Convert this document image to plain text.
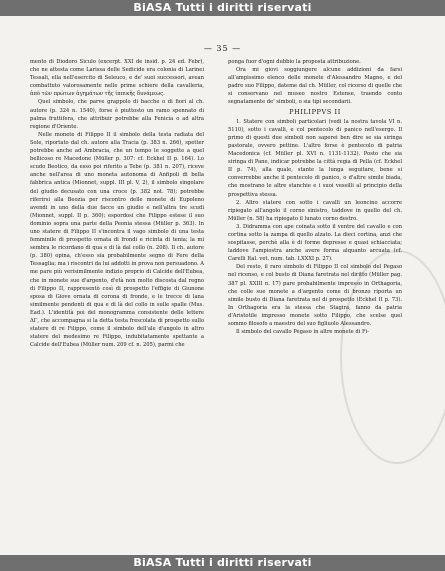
BiASA Tutti i diritti riservati
— 35 —

mento di Diodoro Siculo (excerpt. XXI de insid. p. 24 ed. Febr), che ne attesta come Larissa delle Sedicide era colonia di Larinei Tessali, ella nell'esercito di Seleuco, e de' suoi successori, avean combattuto valorosamente nelle prime schiere della cavalleria, ἀπὸ τῶν πρώτων ἀγημάτων τῆς ἱππικῆς δυνάμεως.

Quel simbolo, che parve grappolo di bacche o di fiori al ch. autore (p. 324 n. 1540), forse è piuttosto un ramo spennato di palma fruttifera, che attribuir potrebbe alla Fenicia o ad altra regione d'Oriente.

Nelle monete di Filippo II il simbolo della testa radiata del Sole, riportato dal ch. autore alla Tracia (p. 383 n. 266), spetter potrebbe anche ad Ambracia, che un tempo le soggette a quel bellicoso re Macedone (Müller p. 307: cf. Eckhel II p. 164). Lo scudo Beotico, da esso poi riferito a Tebe (p. 381 n. 207), riceve anche nell'area di uno moneta autonoma di Anfipoli di bella fabbrica antica (Mionnet, suppl. III pl. V, 2), il simbolo singolare del giudio decusato con una croce (p. 382 not. 78); potrebbe riferirsi alla Beozia per riscontro delle monete di Eupoleno avendi in uno della due facce un giudio e nell'altra tre scudi (Mionnet, suppl. II p. 360); espordosi che Filippo estese il suo dominio sopra una parte della Peonia stessa (Müller p. 363). In uno statere di Filippo II s'incontra il vago simbolo di una testa femminile di prospetto ornata di frondi e ricinta di tenia; la mi sembra le ricordano di qua e di là dal collo (n. 208). Il ch. autore (p. 380) opina, ch'esso sia probabilmente segno di Fere della Tessaglia; ma i riscontri da lui addotti in prova non persuadono. A me pare più verisimilmente indizio proprio di Calcide dell'Eubea, che in monete sue d'argento, d'età non molto discosta dal regno di Filippo II, rappresentò così di prospetto l'effigie di Giunone sposa di Giove ornata di corona di fronde, e le trecce di lana similmente pendenti di qua e di là del collo in sulle spalle (Mus. Ead.). L'identità poi del monogramma consistente delle lettere ΔΓ, che accompagna si la detta testa frescolata di prospetto sullo statere di re Filippo, come il simbolo dell'ale d'angolo in altro statere del medesimo re Filippo, indubitatamente spettante a Calcide dell'Eubea (Müller num. 209 cf. n. 205), parmi che

ponga fuor d'ogni dubbio la proposta attribuzione.

Ora mi giovi soggiungere alcune addizioni da farsi all'ampissimo elenco delle monete d'Alessandro Magno, e del padre suo Filippo, dateme dal ch. Müller, col ricorso di quelle che si conservano nel museo nostro Estense, traendo conto segnatamente de' simboli, o sia tipi secondarii.

PHILIPPVS II

1. Statere con simboli particolari (vedi la nostra tavola VI n. 5110), sotto i cavalli, e col pentecolo di panico nell'esergo. Il primo di questi due simboli non saperei ben dire se sia siringa pastorale, ovvero pettine. L'altro forse è pentecolo di patria Macedonica (cf. Müller pl. XVI n. 1131-1132). Posto che sia siringa di Pane, indicar potrebbe la città regia di Pella (cf. Eckhel II p. 74), alla quale, stante la lunga seguitare, bene si converrebbe anche il pentecolo di panico, o d'altre simile biada, che mostrano le altre stanchie e i suoi vessilli al principio della prospettiva stessa.

2. Altro statere con sotto i cavalli un leoncino accorre ripiegato all'angolo il corno sinistro, taddove in quello del ch. Müller (n. 58) ha ripiegato il lunato corno destro.

3. Didramma con ape coinata sotto il ventre del cavallo e con cortina sotto la zampa di quello alzato. La dieci cortina, anzi che sospitasse, perchè alla è di forme depresse e quasi schiacciata; laddove l'ampiostra anche avere forma alquanto arcuata (cf. Carelli Ital. vet. num. tab. LXXXI p. 27).

Del resto, il raro simbolo di Filippo II col simbolo del Pegaso nel ricenso, e col busto di Diana faretrata nel diritto (Müller pag. 387 pl. XXIII n. 17) pare probabilmente impresso in Orthagoria, che colle sue monete a d'argento come di bronzo riporta un simile busto di Diana faretrata nel di prospetto (Eckhel II p. 73). In Orthagoria era la stessa che Stagira, fanno da patria d'Aristotile impresso monete sotto Filippo, che scelse quel sommo filosofo a maestro del suo figliuolo Alessandro.

Il simbolo del cavallo Pegaso in altre monete di Fi-

BiASA Tutti i diritti riservati
